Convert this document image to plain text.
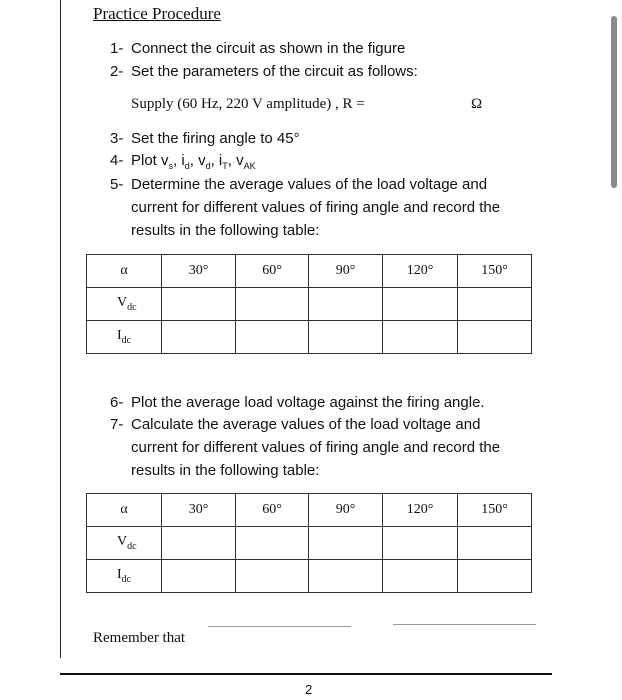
Practice Procedure
1- Connect the circuit as shown in the figure
2- Set the parameters of the circuit as follows:
Supply (60 Hz, 220 V amplitude) , R =	Ω
3- Set the firing angle to 45°
4- Plot $v_s$, $i_d$, $v_d$, $i_T$, $v_{AK}$
5- Determine the average values of the load voltage and
current for different values of firing angle and record the
results in the following table:
α	30°	60°	90°	120°	150°
$V_{dc}$					
$I_{dc}$					
6- Plot the average load voltage against the firing angle.
7- Calculate the average values of the load voltage and
current for different values of firing angle and record the
results in the following table:
α	30°	60°	90°	120°	150°
$V_{dc}$					
$I_{dc}$					
Remember that
2
